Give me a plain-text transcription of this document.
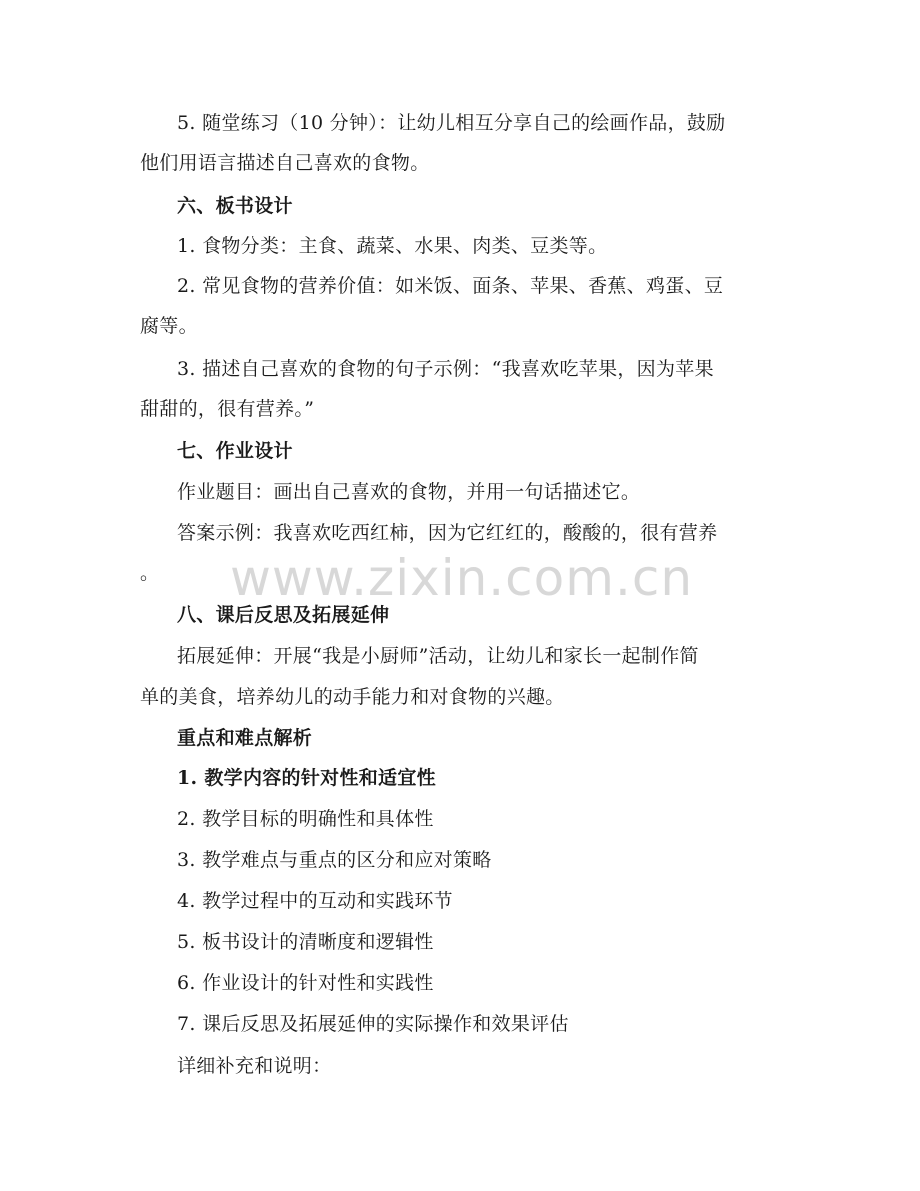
www.zixin.com.cn
5. 随堂练习（10 分钟）：让幼儿相互分享自己的绘画作品，鼓励
他们用语言描述自己喜欢的食物。
六、板书设计
1. 食物分类：主食、蔬菜、水果、肉类、豆类等。
2. 常见食物的营养价值：如米饭、面条、苹果、香蕉、鸡蛋、豆
腐等。
3. 描述自己喜欢的食物的句子示例：“我喜欢吃苹果，因为苹果
甜甜的，很有营养。”
七、作业设计
作业题目：画出自己喜欢的食物，并用一句话描述它。
答案示例：我喜欢吃西红柿，因为它红红的，酸酸的，很有营养
。
八、课后反思及拓展延伸
拓展延伸：开展“我是小厨师”活动，让幼儿和家长一起制作简
单的美食，培养幼儿的动手能力和对食物的兴趣。
重点和难点解析
1. 教学内容的针对性和适宜性
2. 教学目标的明确性和具体性
3. 教学难点与重点的区分和应对策略
4. 教学过程中的互动和实践环节
5. 板书设计的清晰度和逻辑性
6. 作业设计的针对性和实践性
7. 课后反思及拓展延伸的实际操作和效果评估
详细补充和说明：
